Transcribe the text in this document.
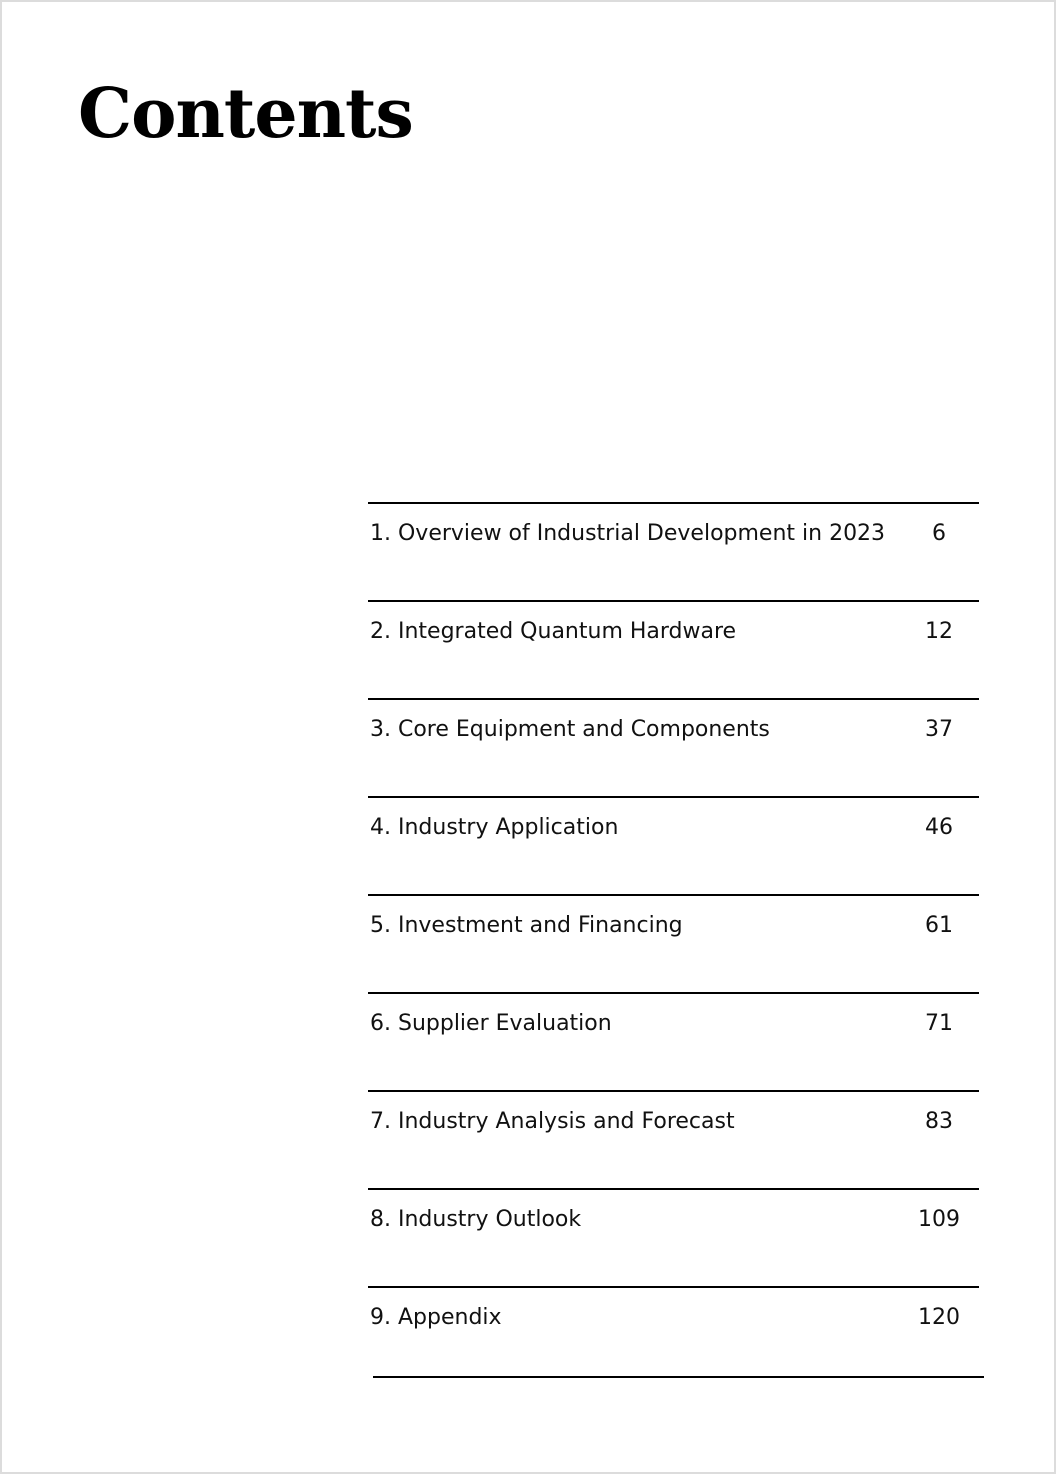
Contents
1. Overview of Industrial Development in 2023	6
2. Integrated Quantum Hardware	12
3. Core Equipment and Components	37
4. Industry Application	46
5. Investment and Financing	61
6. Supplier Evaluation	71
7. Industry Analysis and Forecast	83
8. Industry Outlook	109
9. Appendix	120
